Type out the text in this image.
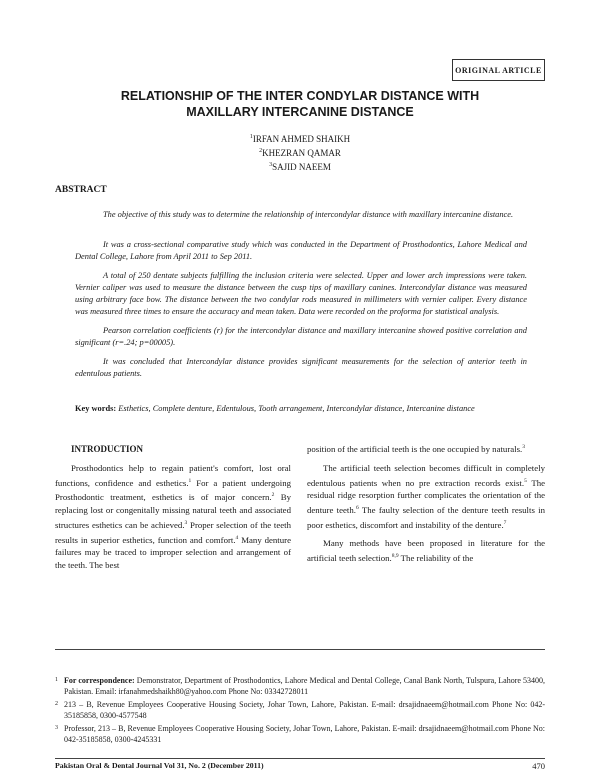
ORIGINAL ARTICLE
RELATIONSHIP OF THE INTER CONDYLAR DISTANCE WITH
MAXILLARY INTERCANINE DISTANCE
$^1$IRFAN AHMED SHAIKH
$^2$KHEZRAN QAMAR
$^3$SAJID NAEEM
ABSTRACT
The objective of this study was to determine the relationship of intercondylar distance with maxillary intercanine distance.

It was a cross-sectional comparative study which was conducted in the Department of Prosthodontics, Lahore Medical and Dental College, Lahore from April 2011 to Sep 2011.

A total of 250 dentate subjects fulfilling the inclusion criteria were selected. Upper and lower arch impressions were taken. Vernier caliper was used to measure the distance between the cusp tips of maxillary canines. Intercondylar distance was measured using arbitrary face bow. The distance between the two condylar rods measured in millimeters with vernier caliper. Every distance was measured three times to ensure the accuracy and mean taken. Data were recorded on the proforma for statistical analysis.

Pearson correlation coefficients (r) for the intercondylar distance and maxillary intercanine showed positive correlation and significant (r=.24; p=00005).

It was concluded that Intercondylar distance provides significant measurements for the selection of anterior teeth in edentulous patients.

Key words: Esthetics, Complete denture, Edentulous, Tooth arrangement, Intercondylar distance, Intercanine distance

INTRODUCTION

Prosthodontics help to regain patient's comfort, lost oral functions, confidence and esthetics.$^1$ For a patient undergoing Prosthodontic treatment, esthetics is of major concern.$^2$ By replacing lost or congenitally missing natural teeth and associated structures esthetics can be achieved.$^3$ Proper selection of the teeth results in superior esthetics, function and comfort.$^4$ Many denture failures may be traced to improper selection and arrangement of the teeth. The best

position of the artificial teeth is the one occupied by naturals.$^3$

The artificial teeth selection becomes difficult in completely edentulous patients when no pre extraction records exist.$^5$ The residual ridge resorption further complicates the orientation of the denture teeth.$^6$ The faulty selection of the denture teeth results in poor esthetics, discomfort and instability of the denture.$^7$

Many methods have been proposed in literature for the artificial teeth selection.$^{8,9}$ The reliability of the

1 For correspondence: Demonstrator, Department of Prosthodontics, Lahore Medical and Dental College, Canal Bank North, Tulspura, Lahore 53400, Pakistan. Email: irfanahmedshaikh80@yahoo.com Phone No: 03342728011
2 213 – B, Revenue Employees Cooperative Housing Society, Johar Town, Lahore, Pakistan. E-mail: drsajidnaeem@hotmail.com Phone No: 042-35185858, 0300-4577548
3 Professor, 213 – B, Revenue Employees Cooperative Housing Society, Johar Town, Lahore, Pakistan. E-mail: drsajidnaeem@hotmail.com Phone No: 042-35185858, 0300-4245331
Pakistan Oral & Dental Journal Vol 31, No. 2 (December 2011)	470
